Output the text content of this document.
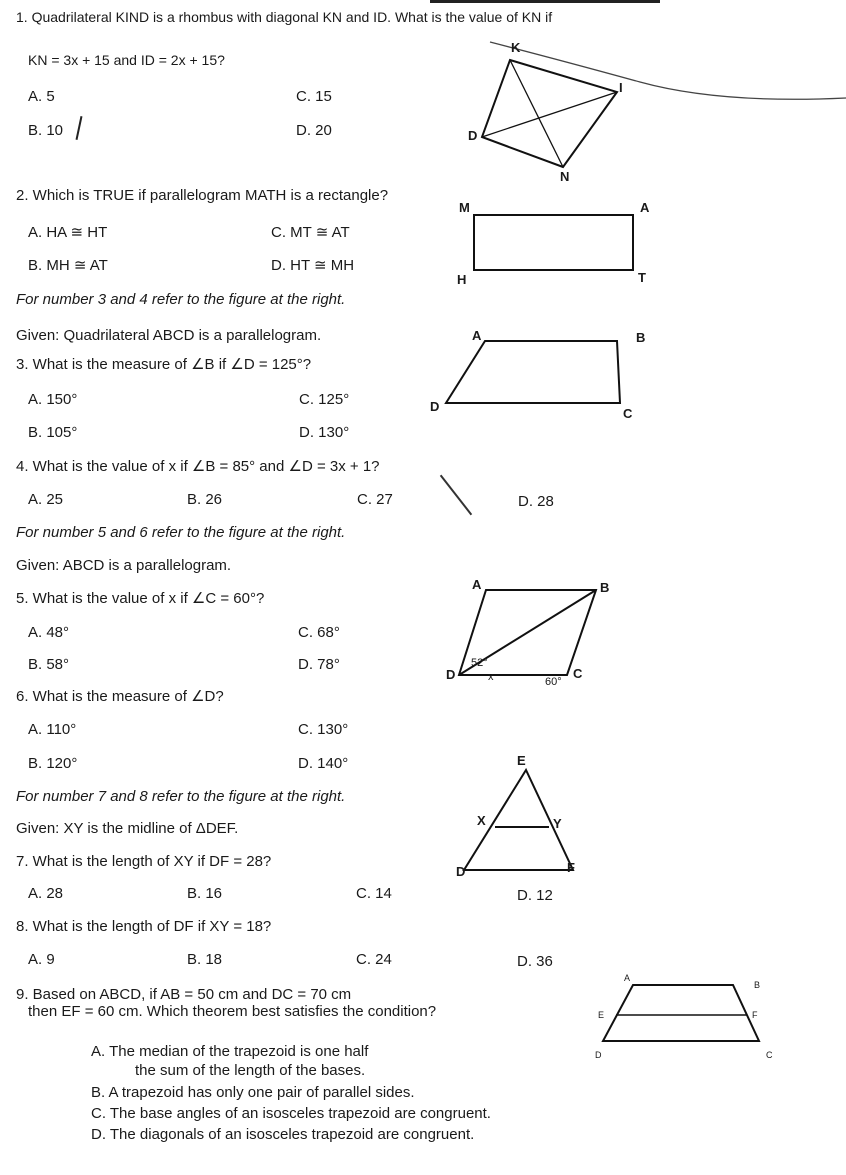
1. Quadrilateral KIND is a rhombus with diagonal KN and ID. What is the value of KN if
KN = 3x + 15 and ID = 2x + 15?
A. 5	C. 15
B. 10	D. 20
K
I
D
N
2. Which is TRUE if parallelogram MATH is a rectangle?
A. HA ≅ HT	C. MT ≅ AT
B. MH ≅ AT	D. HT ≅ MH
M	A
H	T
For number 3 and 4 refer to the figure at the right.
Given: Quadrilateral ABCD is a parallelogram.	A	B
D	C
3. What is the measure of ∠B if ∠D = 125°?
A. 150°	C. 125°
B. 105°	D. 130°
4. What is the value of x if ∠B = 85° and ∠D = 3x + 1?
A. 25	B. 26	C. 27	D. 28
For number 5 and 6 refer to the figure at the right.
Given: ABCD is a parallelogram.
A	B
D	C
52°
x	60°
5. What is the value of x if ∠C = 60°?
A. 48°	C. 68°
B. 58°	D. 78°
6. What is the measure of ∠D?
A. 110°	C. 130°
B. 120°	D. 140°
For number 7 and 8 refer to the figure at the right.
Given: XY is the midline of ΔDEF.
E
X	Y
D	F
7. What is the length of XY if DF = 28?
A. 28	B. 16	C. 14	D. 12
8. What is the length of DF if XY = 18?
A. 9	B. 18	C. 24	D. 36
9. Based on ABCD, if AB = 50 cm and DC = 70 cm
then EF = 60 cm. Which theorem best satisfies the condition?
A
B
E	F
D	C
A. The median of the trapezoid is one half
the sum of the length of the bases.
B. A trapezoid has only one pair of parallel sides.
C. The base angles of an isosceles trapezoid are congruent.
D. The diagonals of an isosceles trapezoid are congruent.
